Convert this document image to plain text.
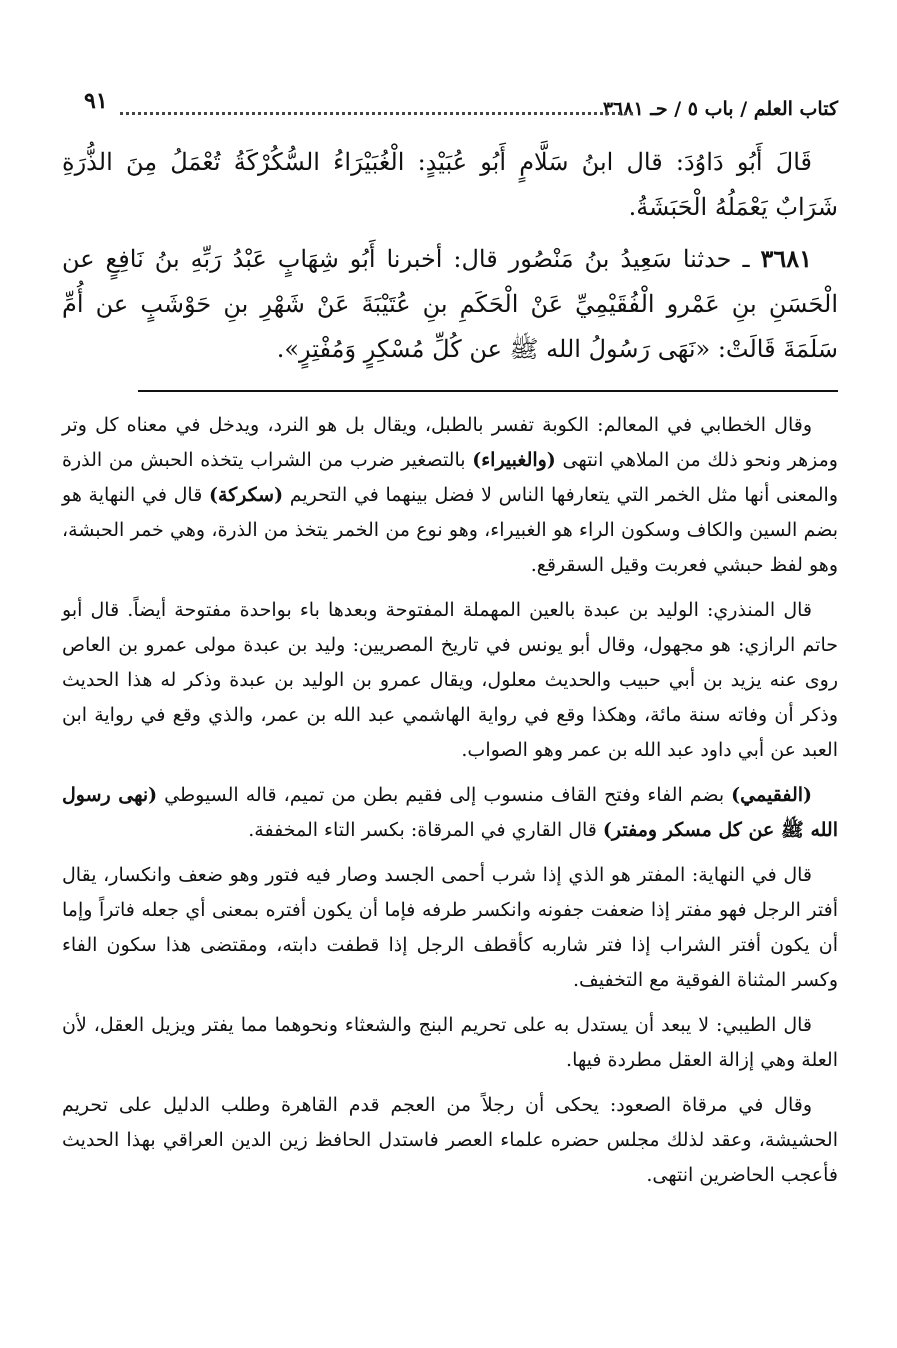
كتاب العلم / باب ٥ / حـ ٣٦٨١
٩١

قَالَ أَبُو دَاوُدَ: قال ابنُ سَلَّامٍ أَبُو عُبَيْدٍ: الْغُبَيْرَاءُ السُّكُرْكَةُ تُعْمَلُ مِنَ الذُّرَةِ شَرَابٌ يَعْمَلُهُ الْحَبَشَةُ.

٣٦٨١ ـ حدثنا سَعِيدُ بنُ مَنْصُور قال: أخبرنا أَبُو شِهَابٍ عَبْدُ رَبِّهِ بنُ نَافِعٍ عن الْحَسَنِ بنِ عَمْرو الْفُقَيْمِيِّ عَنْ الْحَكَمِ بنِ عُتَيْبَةَ عَنْ شَهْرِ بنِ حَوْشَبٍ عن أُمِّ سَلَمَةَ قَالَتْ: «نَهَى رَسُولُ الله ﷺ عن كُلِّ مُسْكِرٍ وَمُفْتِرٍ».

وقال الخطابي في المعالم: الكوبة تفسر بالطبل، ويقال بل هو النرد، ويدخل في معناه كل وتر ومزهر ونحو ذلك من الملاهي انتهى (والغبيراء) بالتصغير ضرب من الشراب يتخذه الحبش من الذرة والمعنى أنها مثل الخمر التي يتعارفها الناس لا فضل بينهما في التحريم (سكركة) قال في النهاية هو بضم السين والكاف وسكون الراء هو الغبيراء، وهو نوع من الخمر يتخذ من الذرة، وهي خمر الحبشة، وهو لفظ حبشي فعربت وقيل السقرقع.

قال المنذري: الوليد بن عبدة بالعين المهملة المفتوحة وبعدها باء بواحدة مفتوحة أيضاً. قال أبو حاتم الرازي: هو مجهول، وقال أبو يونس في تاريخ المصريين: وليد بن عبدة مولى عمرو بن العاص روى عنه يزيد بن أبي حبيب والحديث معلول، ويقال عمرو بن الوليد بن عبدة وذكر له هذا الحديث وذكر أن وفاته سنة مائة، وهكذا وقع في رواية الهاشمي عبد الله بن عمر، والذي وقع في رواية ابن العبد عن أبي داود عبد الله بن عمر وهو الصواب.

(الفقيمي) بضم الفاء وفتح القاف منسوب إلى فقيم بطن من تميم، قاله السيوطي (نهى رسول الله ﷺ عن كل مسكر ومفتر) قال القاري في المرقاة: بكسر التاء المخففة.

قال في النهاية: المفتر هو الذي إذا شرب أحمى الجسد وصار فيه فتور وهو ضعف وانكسار، يقال أفتر الرجل فهو مفتر إذا ضعفت جفونه وانكسر طرفه فإما أن يكون أفتره بمعنى أي جعله فاتراً وإما أن يكون أفتر الشراب إذا فتر شاربه كأقطف الرجل إذا قطفت دابته، ومقتضى هذا سكون الفاء وكسر المثناة الفوقية مع التخفيف.

قال الطيبي: لا يبعد أن يستدل به على تحريم البنج والشعثاء ونحوهما مما يفتر ويزيل العقل، لأن العلة وهي إزالة العقل مطردة فيها.

وقال في مرقاة الصعود: يحكى أن رجلاً من العجم قدم القاهرة وطلب الدليل على تحريم الحشيشة، وعقد لذلك مجلس حضره علماء العصر فاستدل الحافظ زين الدين العراقي بهذا الحديث فأعجب الحاضرين انتهى.
